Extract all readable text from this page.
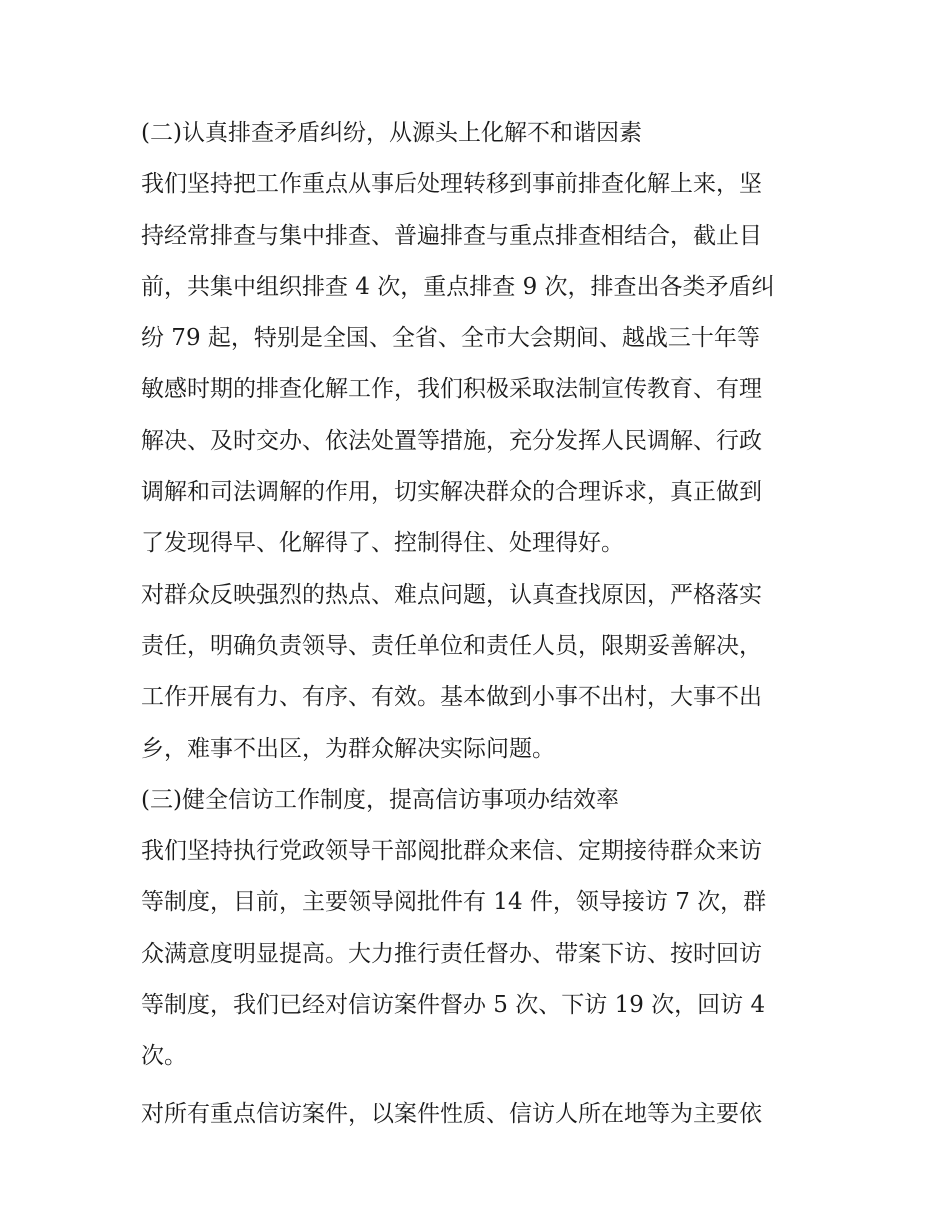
(二)认真排查矛盾纠纷，从源头上化解不和谐因素
我们坚持把工作重点从事后处理转移到事前排查化解上来，坚
持经常排查与集中排查、普遍排查与重点排查相结合，截止目
前，共集中组织排查 4 次，重点排查 9 次，排查出各类矛盾纠
纷 79 起，特别是全国、全省、全市大会期间、越战三十年等
敏感时期的排查化解工作，我们积极采取法制宣传教育、有理
解决、及时交办、依法处置等措施，充分发挥人民调解、行政
调解和司法调解的作用，切实解决群众的合理诉求，真正做到
了发现得早、化解得了、控制得住、处理得好。
对群众反映强烈的热点、难点问题，认真查找原因，严格落实
责任，明确负责领导、责任单位和责任人员，限期妥善解决，
工作开展有力、有序、有效。基本做到小事不出村，大事不出
乡，难事不出区，为群众解决实际问题。
(三)健全信访工作制度，提高信访事项办结效率
我们坚持执行党政领导干部阅批群众来信、定期接待群众来访
等制度，目前，主要领导阅批件有 14 件，领导接访 7 次，群
众满意度明显提高。大力推行责任督办、带案下访、按时回访
等制度，我们已经对信访案件督办 5 次、下访 19 次，回访 4
次。
对所有重点信访案件，以案件性质、信访人所在地等为主要依
